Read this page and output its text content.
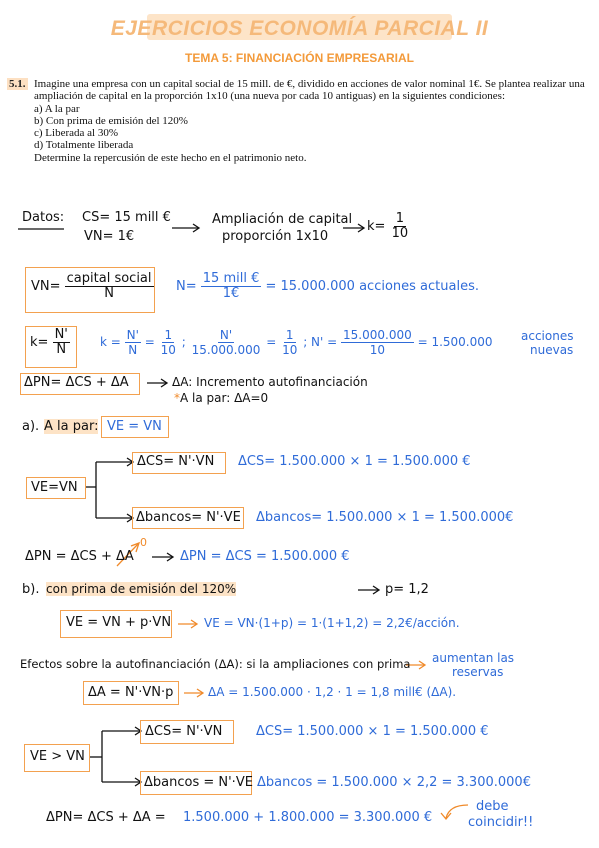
EJERCICIOS ECONOMÍA PARCIAL II
TEMA 5: FINANCIACIÓN EMPRESARIAL
5.1. Imagine una empresa con un capital social de 15 mill. de €, dividido en acciones de valor nominal 1€. Se plantea realizar una ampliación de capital en la proporción 1x10 (una nueva por cada 10 antiguas) en la siguientes condiciones:
a) A la par
b) Con prima de emisión del 120%
c) Liberada al 30%
d) Totalmente liberada
Determine la repercusión de este hecho en el patrimonio neto.
Datos: CS= 15 mill €
VN= 1€
Ampliación de capital
proporción 1x10
$k= \frac{1}{10}$
$VN= \frac{\text{capital social}}{N} N= \frac{\text{15 mill €}}{1€} = 15.000.000$ acciones actuales.
$k= \frac{N'}{N}$	$k = \frac{N'}{N} = \frac{1}{10}$ ; $\frac{N'}{15.000.000} = \frac{1}{10}$ ; $N' = \frac{15.000.000}{10} = 1.500.000$ acciones
nuevas
ΔPN= ΔCS + ΔA	ΔA: Incremento autofinanciación
*A la par: ΔA=0
a). A la par: VE = VN
VE=VN
ΔCS= N'·VN ΔCS= 1.500.000 × 1 = 1.500.000 €
Δbancos= N'·VE Δbancos= 1.500.000 × 1 = 1.500.000€
ΔPN = ΔCS + ΔA
0
ΔPN = ΔCS = 1.500.000 €
b). con prima de emisión del 120%	p= 1,2
VE = VN + p·VN	VE = VN·(1+p) = 1·(1+1,2) = 2,2€/acción.
Efectos sobre la autofinanciación (ΔA): si la ampliaciones con prima aumentan las
reservas
ΔA = N'·VN·p	ΔA = 1.500.000 · 1,2 · 1 = 1,8 mill€ (ΔA).
ΔCS= N'·VN	ΔCS= 1.500.000 × 1 = 1.500.000 €
VE > VN
Δbancos = N'·VE Δbancos = 1.500.000 × 2,2 = 3.300.000€
ΔPN= ΔCS + ΔA = 1.500.000 + 1.800.000 = 3.300.000 €
debe
coincidir!!
